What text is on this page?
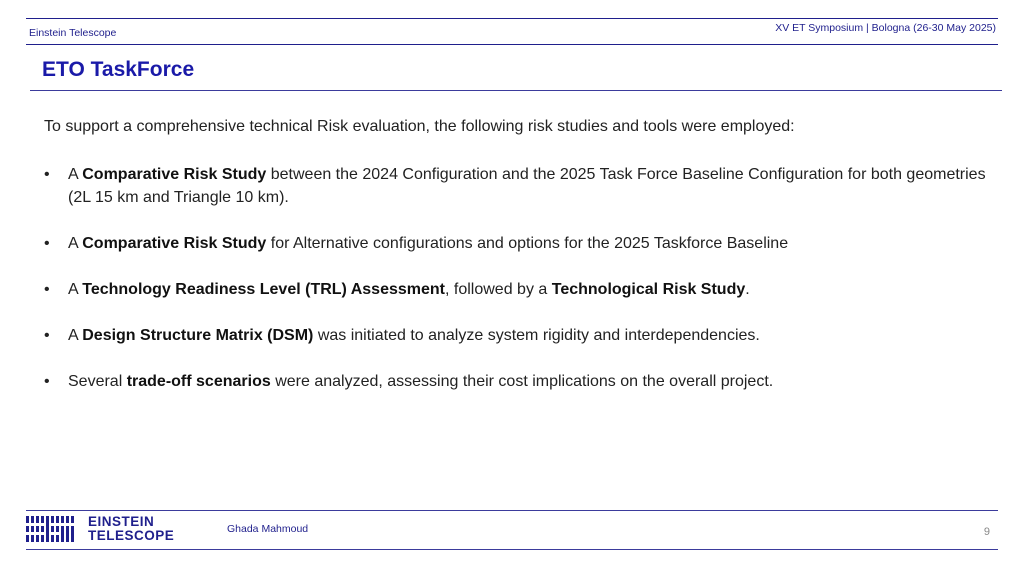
Einstein Telescope	XV ET Symposium | Bologna (26-30 May 2025)
ETO TaskForce
To support a comprehensive technical Risk evaluation, the following risk studies and tools were employed:
• A Comparative Risk Study between the 2024 Configuration and the 2025 Task Force Baseline Configuration for both geometries (2L 15 km and Triangle 10 km).
• A Comparative Risk Study for Alternative configurations and options for the 2025 Taskforce Baseline
• A Technology Readiness Level (TRL) Assessment, followed by a Technological Risk Study.
• A Design Structure Matrix (DSM) was initiated to analyze system rigidity and interdependencies.
• Several trade-off scenarios were analyzed, assessing their cost implications on the overall project.
EINSTEIN
TELESCOPE	Ghada Mahmoud	9
